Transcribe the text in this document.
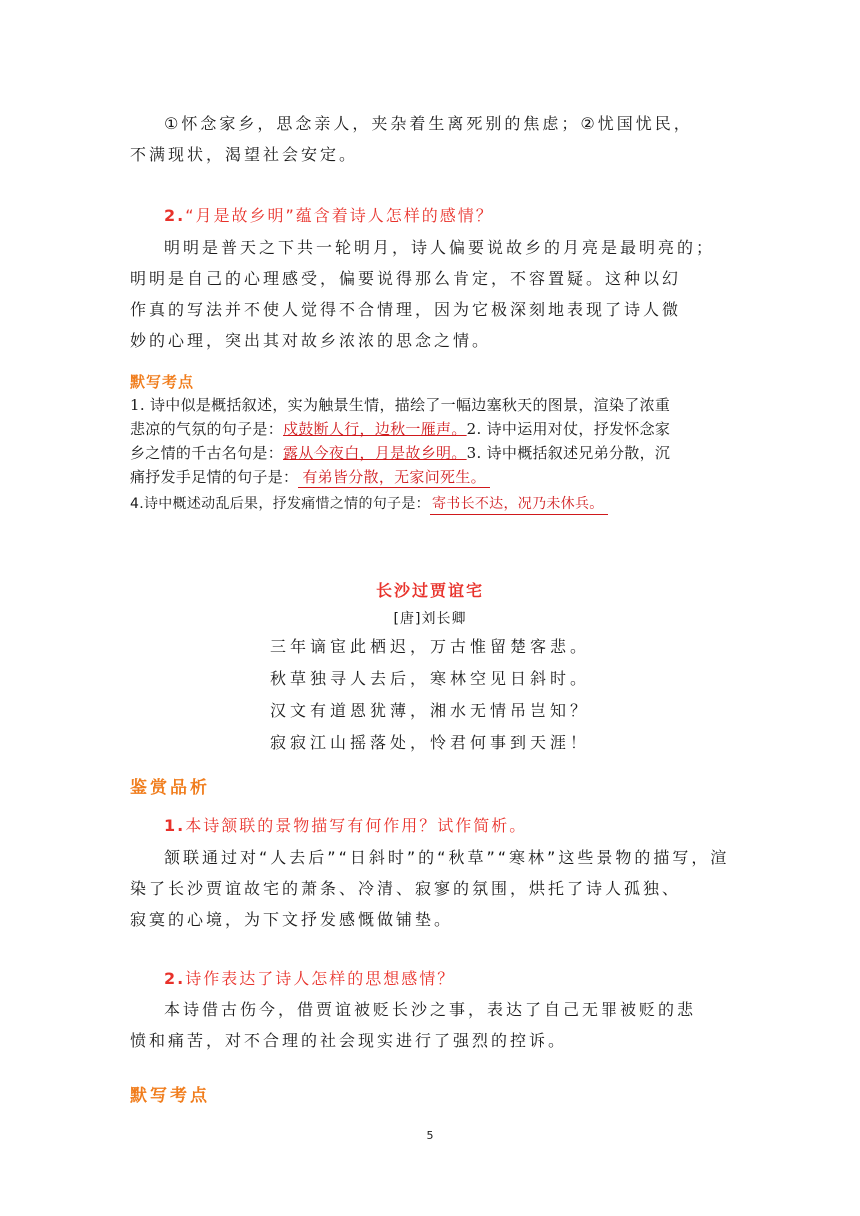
①怀念家乡，思念亲人，夹杂着生离死别的焦虑；②忧国忧民，
不满现状，渴望社会安定。
2.“月是故乡明”蕴含着诗人怎样的感情？
明明是普天之下共一轮明月，诗人偏要说故乡的月亮是最明亮的；
明明是自己的心理感受，偏要说得那么肯定，不容置疑。这种以幻
作真的写法并不使人觉得不合情理，因为它极深刻地表现了诗人微
妙的心理，突出其对故乡浓浓的思念之情。
默写考点
1. 诗中似是概括叙述，实为触景生情，描绘了一幅边塞秋天的图景，渲染了浓重
悲凉的气氛的句子是：戍鼓断人行，边秋一雁声。2. 诗中运用对仗，抒发怀念家
乡之情的千古名句是：露从今夜白，月是故乡明。3. 诗中概括叙述兄弟分散，沉
痛抒发手足情的句子是： 有弟皆分散，无家问死生。
4.诗中概述动乱后果，抒发痛惜之情的句子是： 寄书长不达，况乃未休兵。
长沙过贾谊宅
[唐]刘长卿
三年谪宦此栖迟，万古惟留楚客悲。
秋草独寻人去后，寒林空见日斜时。
汉文有道恩犹薄，湘水无情吊岂知？
寂寂江山摇落处，怜君何事到天涯！
鉴赏品析
1.本诗颔联的景物描写有何作用？试作简析。
颔联通过对“人去后”“日斜时”的“秋草”“寒林”这些景物的描写，渲
染了长沙贾谊故宅的萧条、冷清、寂寥的氛围，烘托了诗人孤独、
寂寞的心境，为下文抒发感慨做铺垫。
2.诗作表达了诗人怎样的思想感情？
本诗借古伤今，借贾谊被贬长沙之事，表达了自己无罪被贬的悲
愤和痛苦，对不合理的社会现实进行了强烈的控诉。
默写考点
5
